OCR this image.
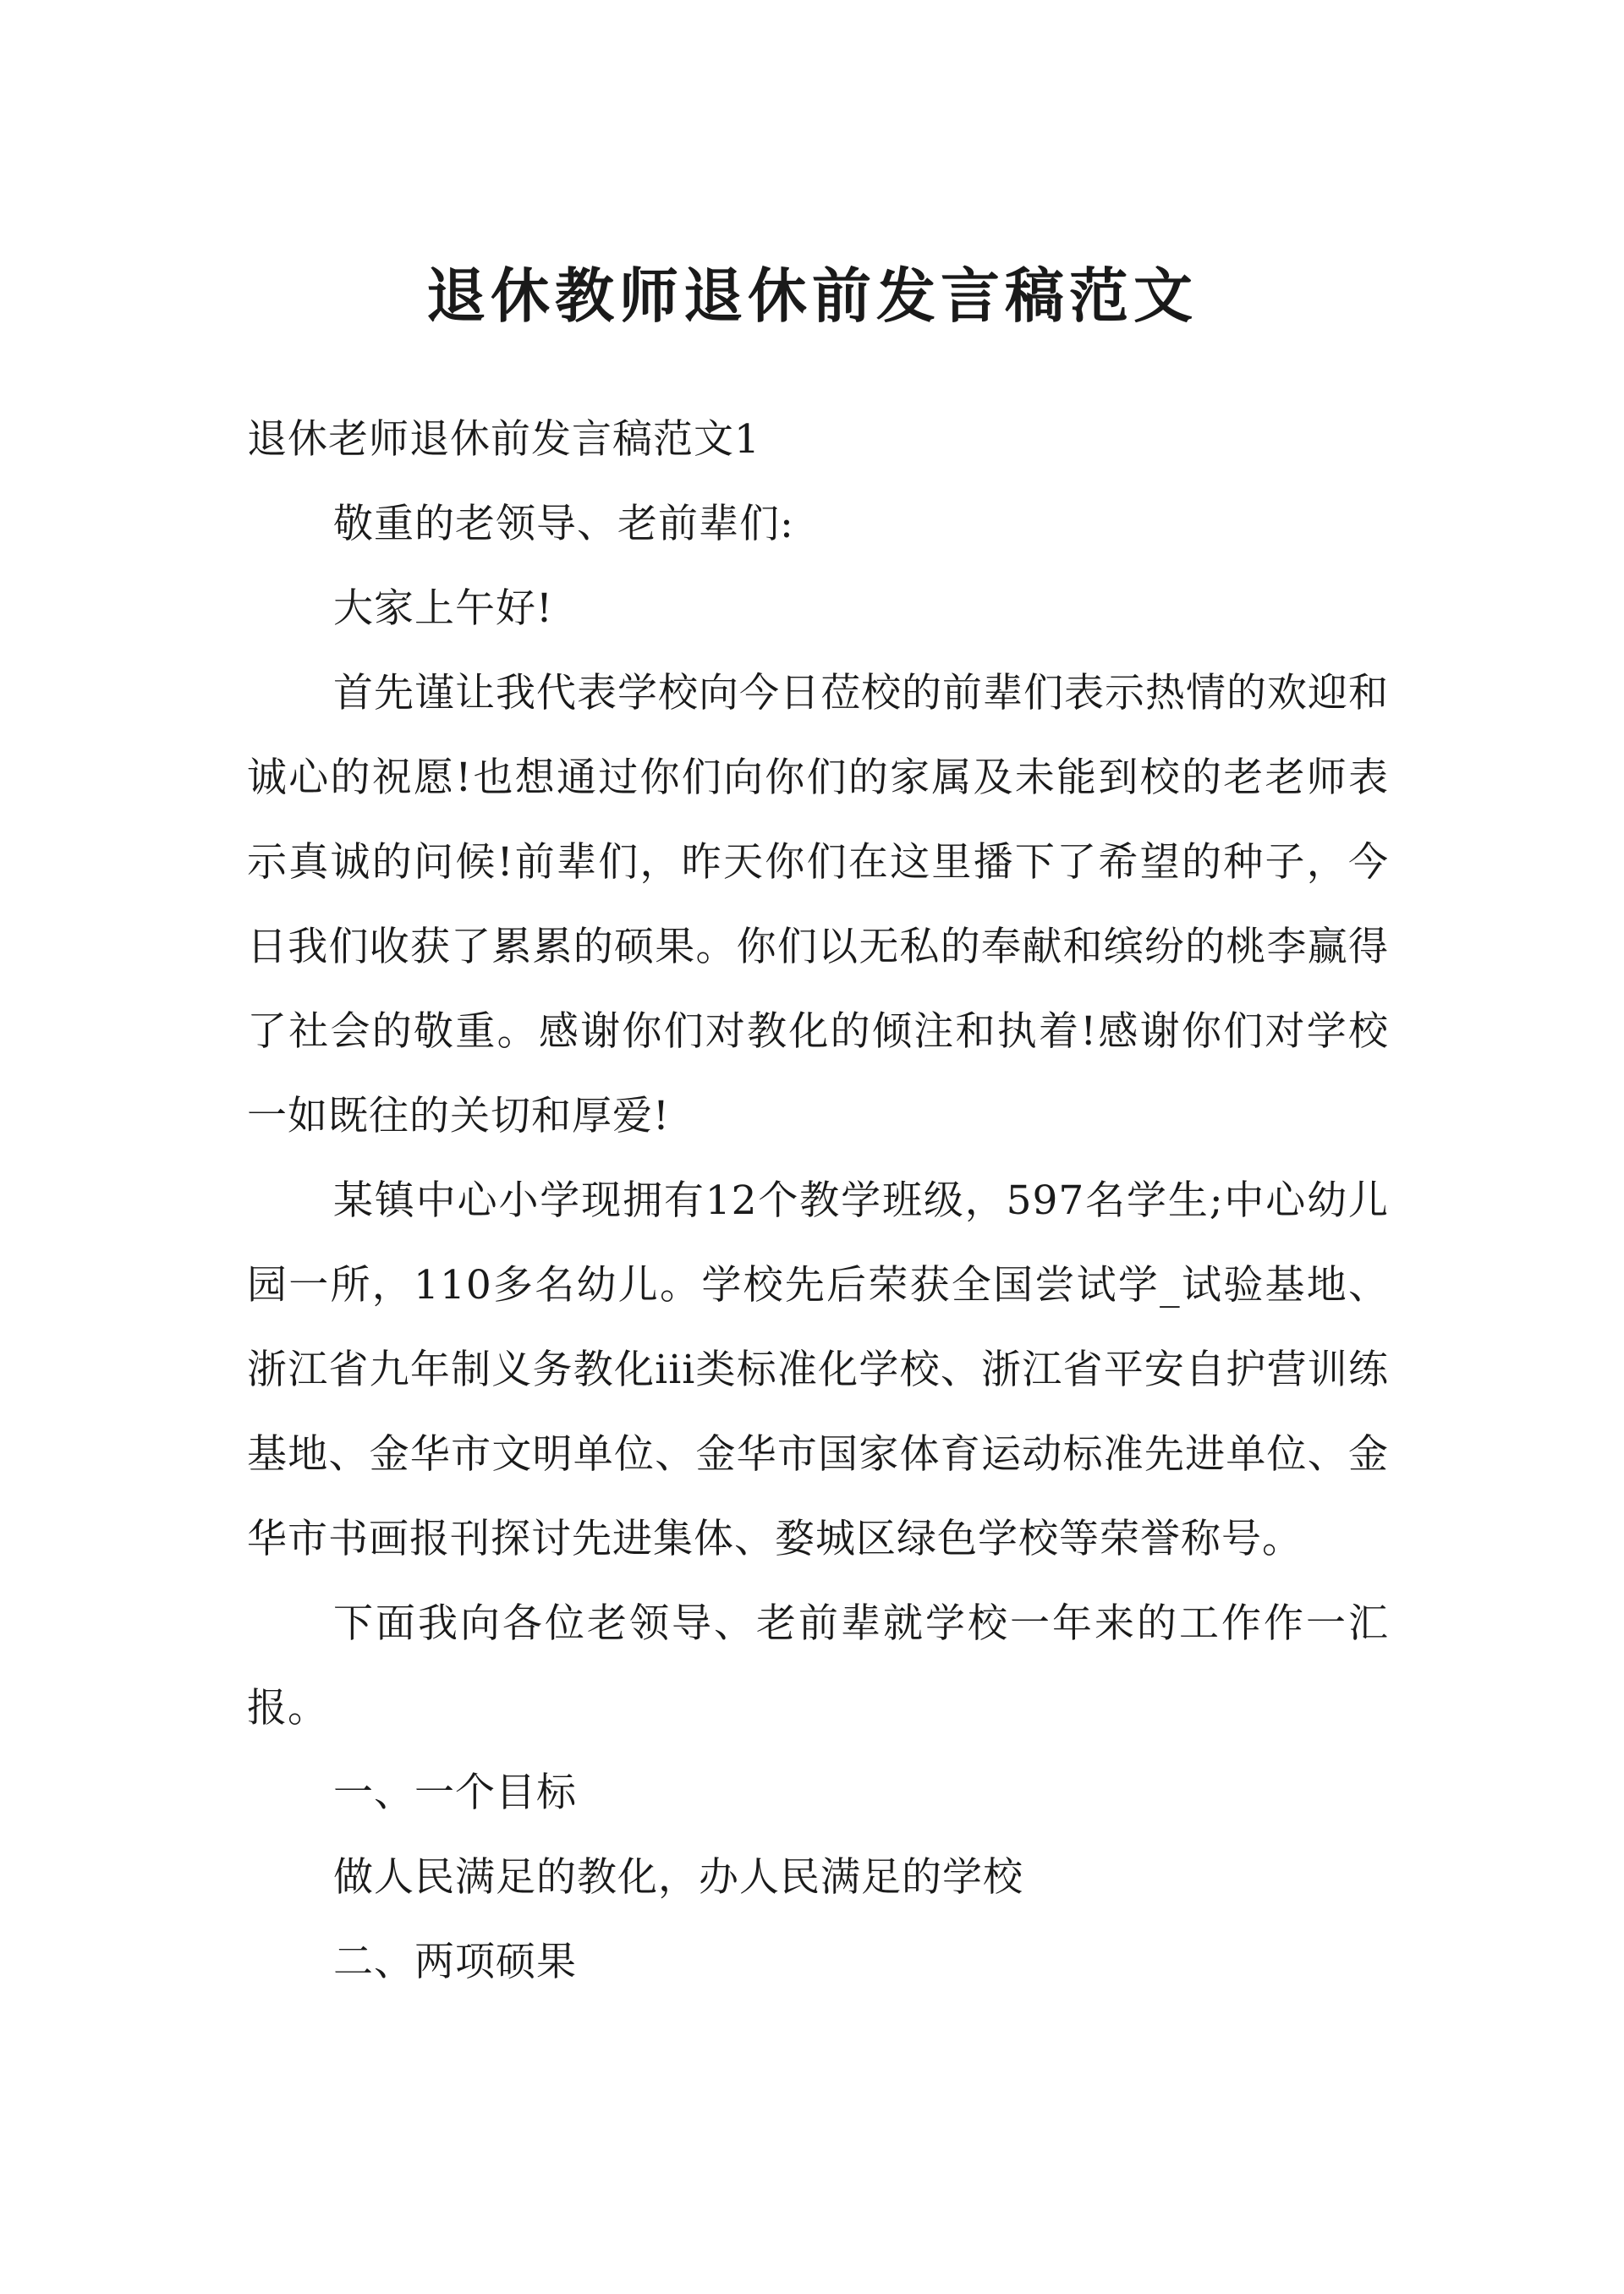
退休教师退休前发言稿范文

退休老师退休前发言稿范文1

敬重的老领导、老前辈们:

大家上午好!

首先谨让我代表学校向今日莅校的前辈们表示热情的欢迎和诚心的祝愿!也想通过你们向你们的家属及未能到校的老老师表示真诚的问候!前辈们，昨天你们在这里播下了希望的种子，今日我们收获了累累的硕果。你们以无私的奉献和缤纷的桃李赢得了社会的敬重。感谢你们对教化的倾注和执着!感谢你们对学校一如既往的关切和厚爱!

某镇中心小学现拥有12个教学班级，597名学生;中心幼儿园一所，110多名幼儿。学校先后荣获全国尝试学_试验基地、浙江省九年制义务教化iii类标准化学校、浙江省平安自护营训练基地、金华市文明单位、金华市国家体育运动标准先进单位、金华市书画报刊探讨先进集体、婺城区绿色学校等荣誉称号。

下面我向各位老领导、老前辈就学校一年来的工作作一汇报。

一、一个目标

做人民满足的教化，办人民满足的学校

二、两项硕果
